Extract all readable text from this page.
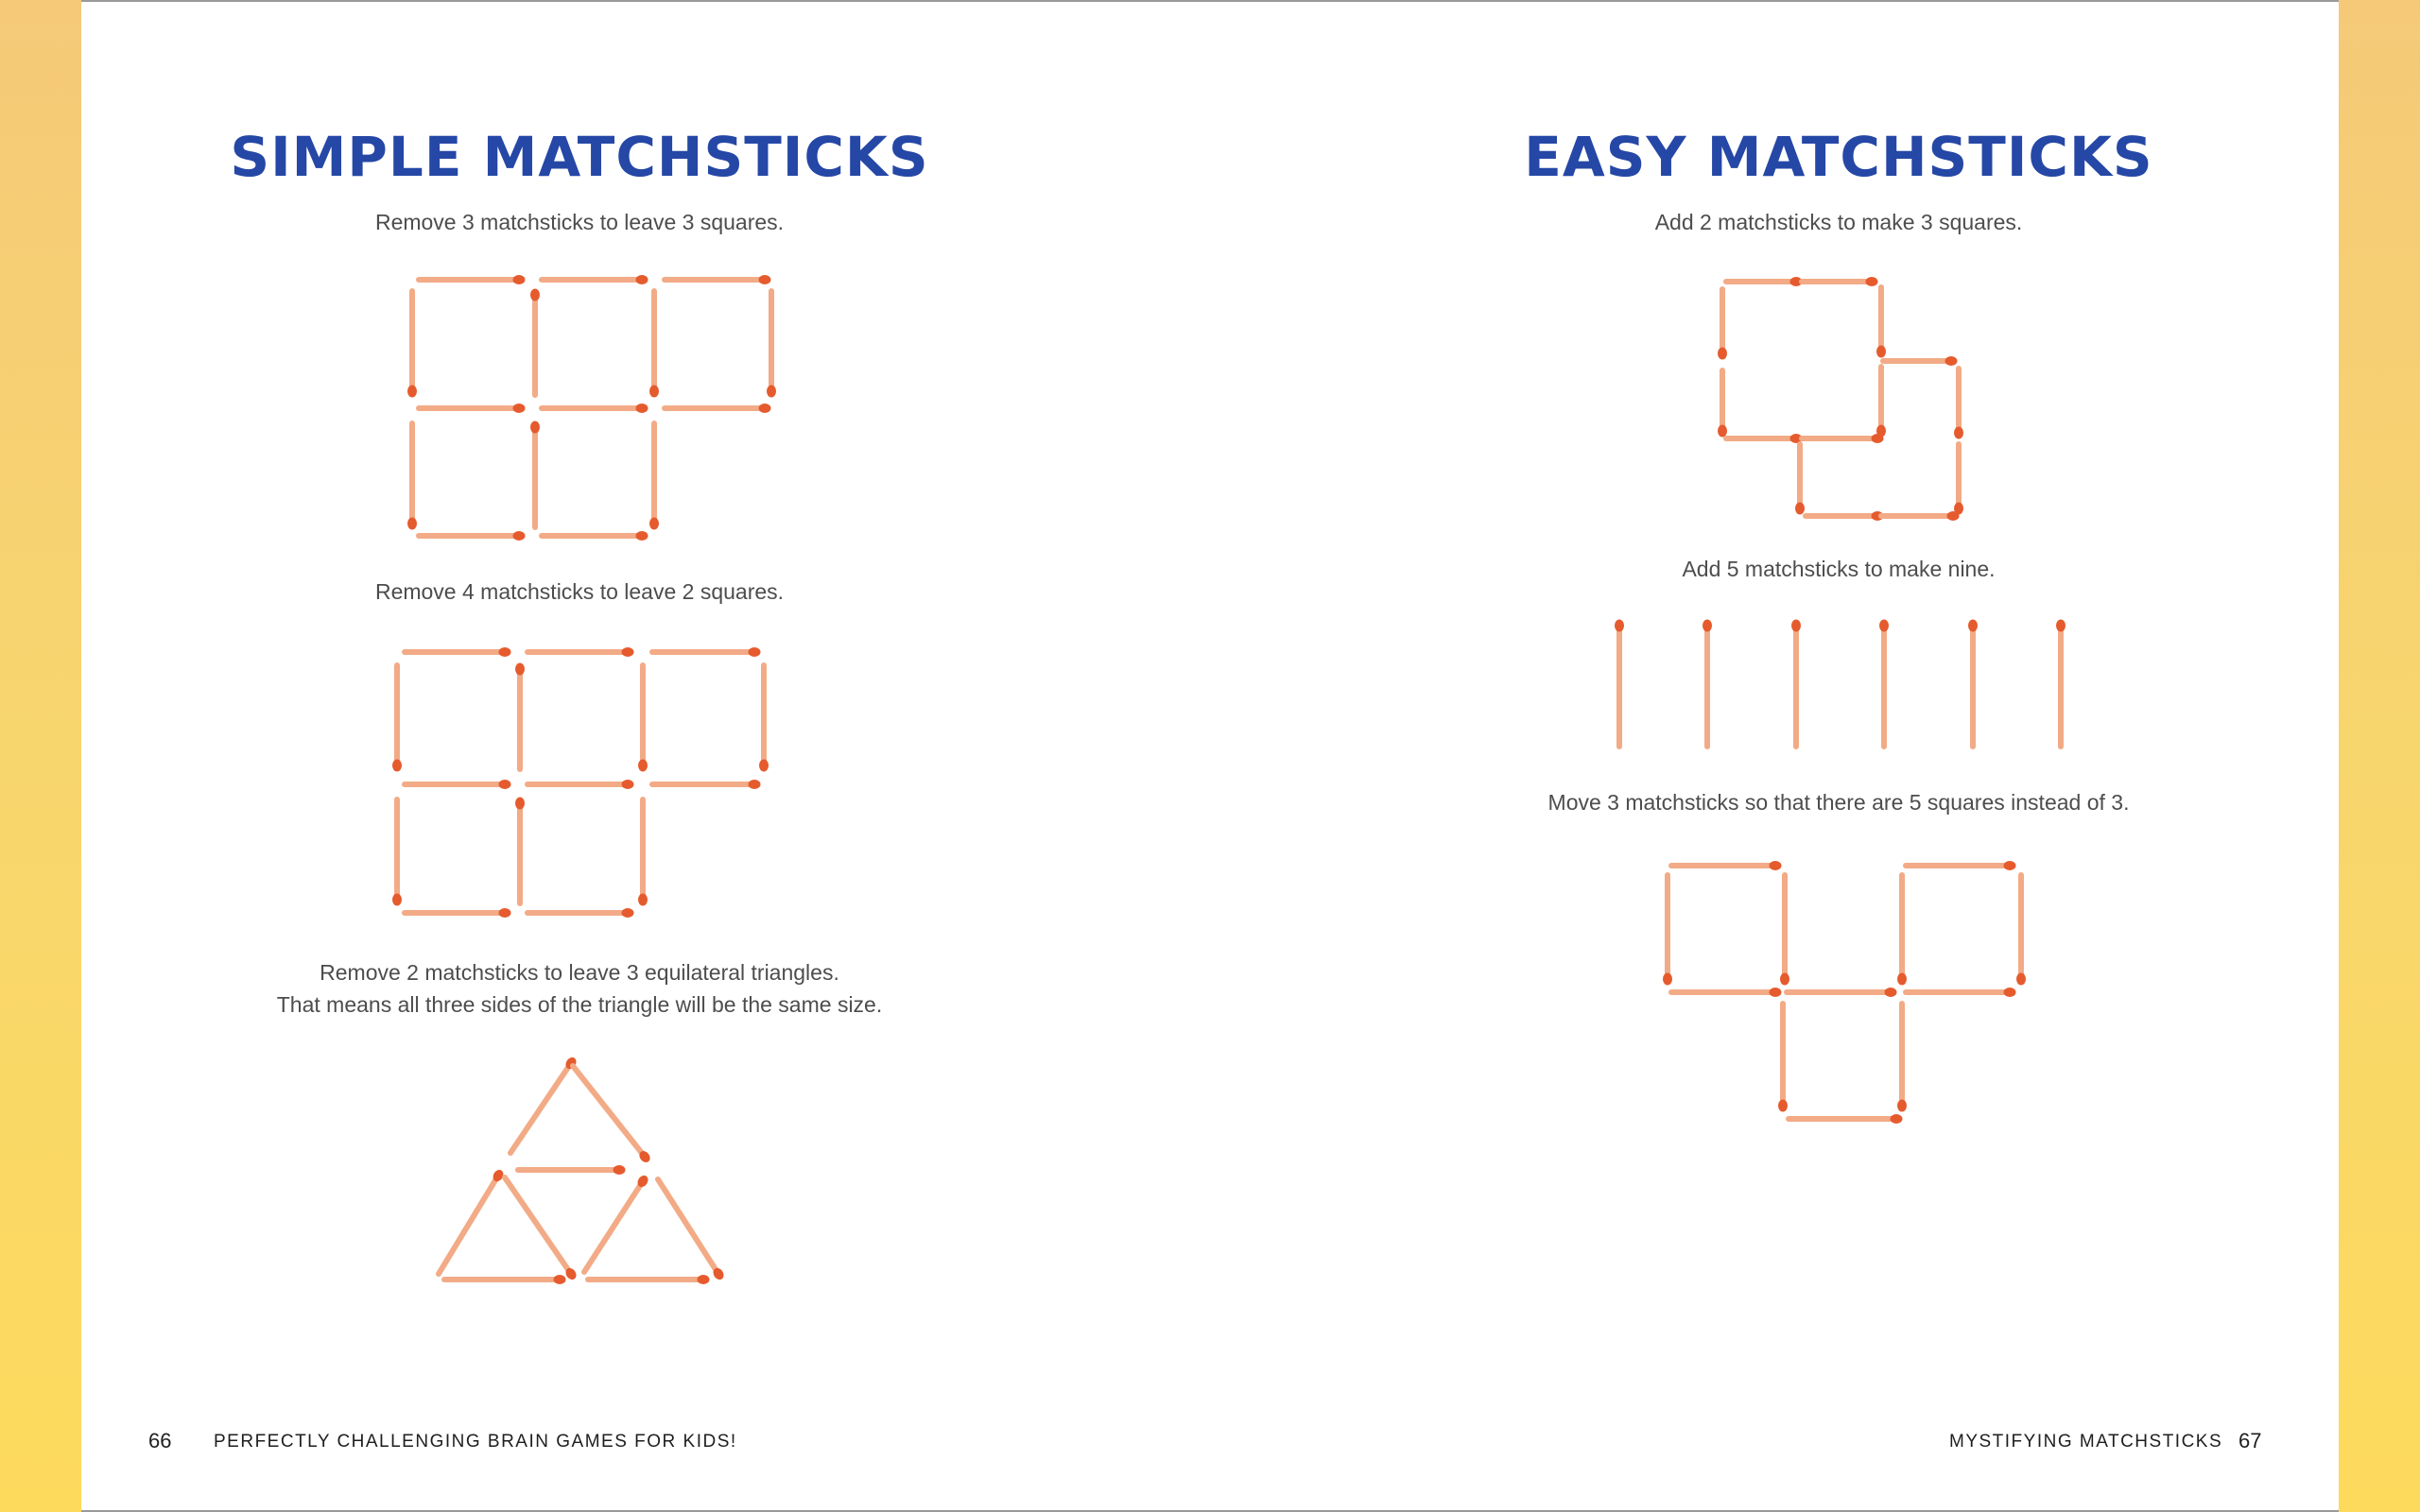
SIMPLE MATCHSTICKS
Remove 3 matchsticks to leave 3 squares.
Remove 4 matchsticks to leave 2 squares.
Remove 2 matchsticks to leave 3 equilateral triangles.
That means all three sides of the triangle will be the same size.
66 PERFECTLY CHALLENGING BRAIN GAMES FOR KIDS!
EASY MATCHSTICKS
Add 2 matchsticks to make 3 squares.
Add 5 matchsticks to make nine.
Move 3 matchsticks so that there are 5 squares instead of 3.
MYSTIFYING MATCHSTICKS 67
